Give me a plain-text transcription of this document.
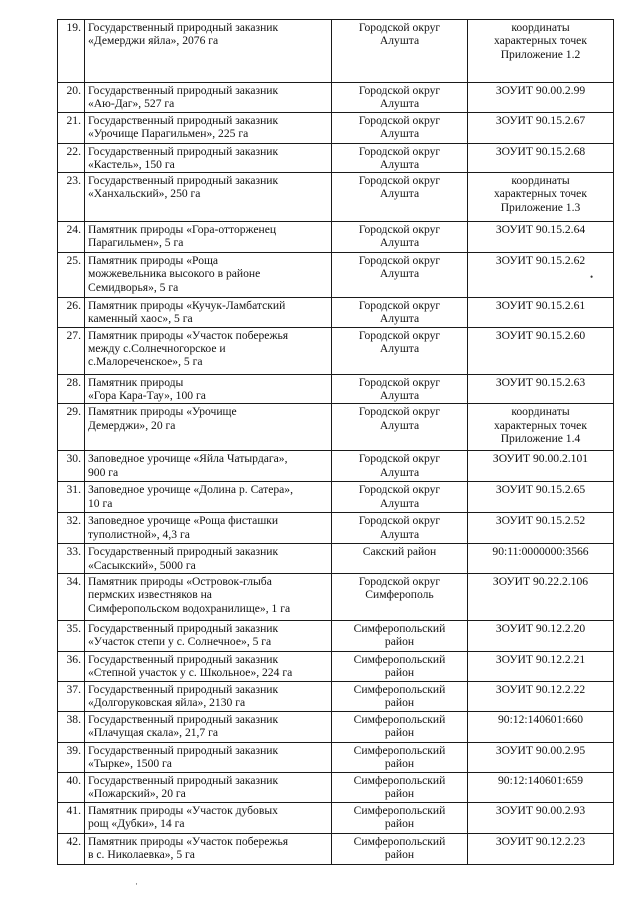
19.	Государственный природный заказник
«Демерджи яйла», 2076 га	Городской округ
Алушта	координаты
характерных точек
Приложение 1.2

20.	Государственный природный заказник
«Аю-Даг», 527 га	Городской округ
Алушта	ЗОУИТ 90.00.2.99

21.	Государственный природный заказник
«Урочище Парагильмен», 225 га	Городской округ
Алушта	ЗОУИТ 90.15.2.67

22.	Государственный природный заказник
«Кастель», 150 га	Городской округ
Алушта	ЗОУИТ 90.15.2.68

23.	Государственный природный заказник
«Ханхальский», 250 га	Городской округ
Алушта	координаты
характерных точек
Приложение 1.3

24.	Памятник природы «Гора-отторженец
Парагильмен», 5 га	Городской округ
Алушта	ЗОУИТ 90.15.2.64

25.	Памятник природы «Роща
можжевельника высокого в районе
Семидворья», 5 га	Городской округ
Алушта	ЗОУИТ 90.15.2.62

26.	Памятник природы «Кучук-Ламбатский
каменный хаос», 5 га	Городской округ
Алушта	ЗОУИТ 90.15.2.61

27.	Памятник природы «Участок побережья
между с.Солнечногорское и
с.Малореченское», 5 га	Городской округ
Алушта	ЗОУИТ 90.15.2.60

28.	Памятник природы
«Гора Кара-Тау», 100 га	Городской округ
Алушта	ЗОУИТ 90.15.2.63

29.	Памятник природы «Урочище
Демерджи», 20 га	Городской округ
Алушта	координаты
характерных точек
Приложение 1.4

30.	Заповедное урочище «Яйла Чатырдага»,
900 га	Городской округ
Алушта	ЗОУИТ 90.00.2.101

31.	Заповедное урочище «Долина р. Сатера»,
10 га	Городской округ
Алушта	ЗОУИТ 90.15.2.65

32.	Заповедное урочище «Роща фисташки
туполистной», 4,3 га	Городской округ
Алушта	ЗОУИТ 90.15.2.52

33.	Государственный природный заказник
«Сасыкский», 5000 га	Сакский район	90:11:0000000:3566

34.	Памятник природы «Островок-глыба
пермских известняков на
Симферопольском водохранилище», 1 га	Городской округ
Симферополь	ЗОУИТ 90.22.2.106

35.	Государственный природный заказник
«Участок степи у с. Солнечное», 5 га	Симферопольский
район	ЗОУИТ 90.12.2.20

36.	Государственный природный заказник
«Степной участок у с. Школьное», 224 га	Симферопольский
район	ЗОУИТ 90.12.2.21

37.	Государственный природный заказник
«Долгоруковская яйла», 2130 га	Симферопольский
район	ЗОУИТ 90.12.2.22

38.	Государственный природный заказник
«Плачущая скала», 21,7 га	Симферопольский
район	90:12:140601:660

39.	Государственный природный заказник
«Тырке», 1500 га	Симферопольский
район	ЗОУИТ 90.00.2.95

40.	Государственный природный заказник
«Пожарский», 20 га	Симферопольский
район	90:12:140601:659

41.	Памятник природы «Участок дубовых
рощ «Дубки», 14 га	Симферопольский
район	ЗОУИТ 90.00.2.93

42.	Памятник природы «Участок побережья
в с. Николаевка», 5 га	Симферопольский
район	ЗОУИТ 90.12.2.23
•
·
